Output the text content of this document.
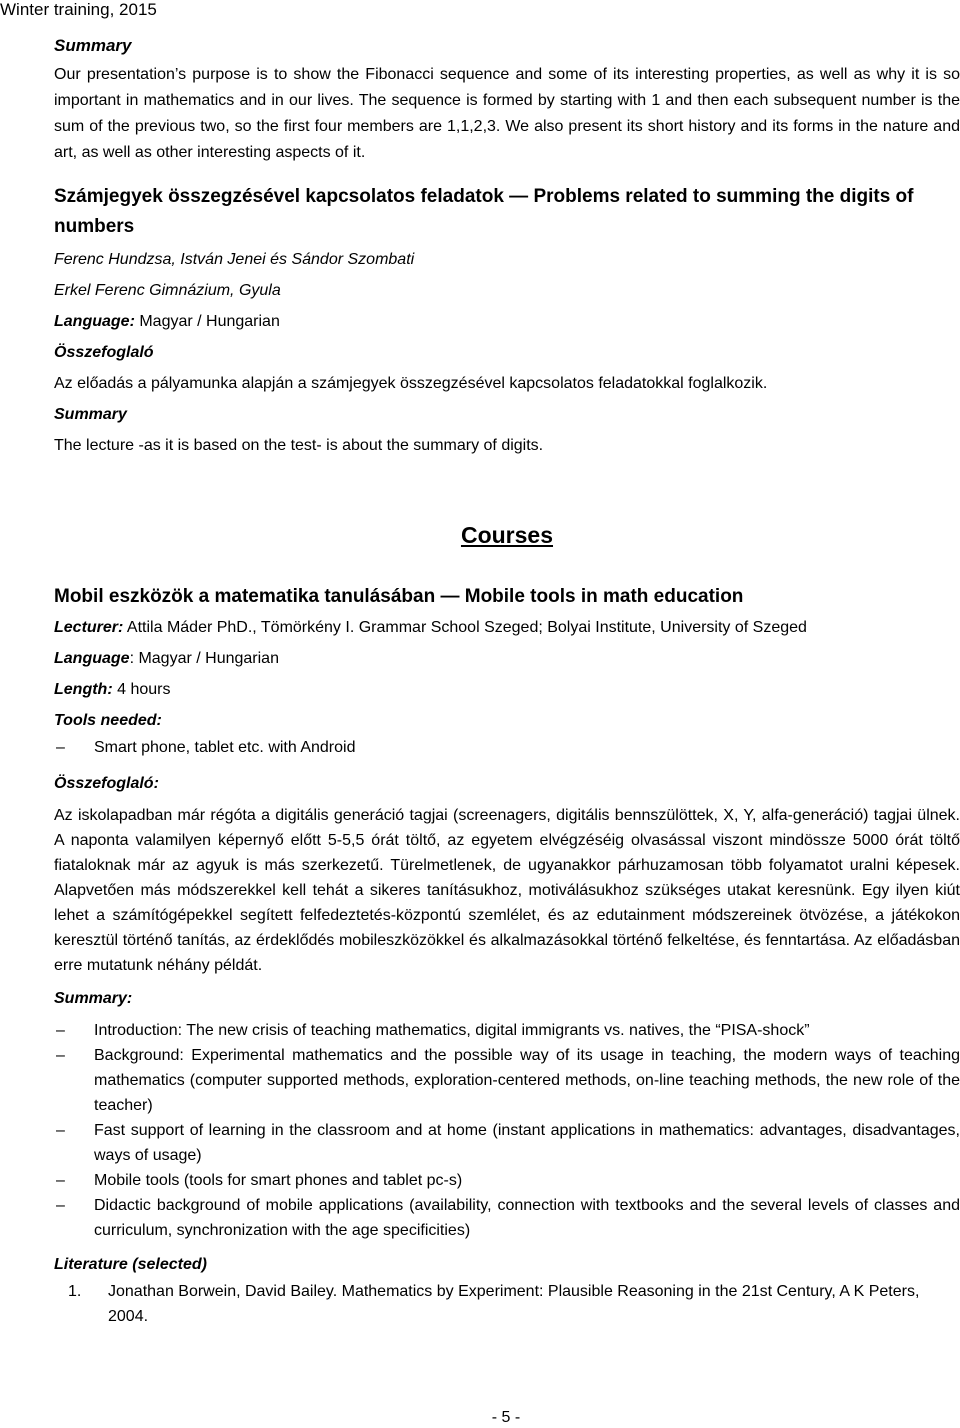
Winter training, 2015

Summary

Our presentation’s purpose is to show the Fibonacci sequence and some of its interesting properties, as well as why it is so important in mathematics and in our lives. The sequence is formed by starting with 1 and then each subsequent number is the sum of the previous two, so the first four members are 1,1,2,3. We also present its short history and its forms in the nature and art, as well as other interesting aspects of it.

Számjegyek összegzésével kapcsolatos feladatok — Problems related to summing the digits of numbers

Ferenc Hundzsa, István Jenei és Sándor Szombati

Erkel Ferenc Gimnázium, Gyula

Language: Magyar / Hungarian

Összefoglaló

Az előadás a pályamunka alapján a számjegyek összegzésével kapcsolatos feladatokkal foglalkozik.

Summary

The lecture -as it is based on the test- is about the summary of digits.

Courses

Mobil eszközök a matematika tanulásában — Mobile tools in math education

Lecturer: Attila Máder PhD., Tömörkény I. Grammar School Szeged; Bolyai Institute, University of Szeged

Language: Magyar / Hungarian

Length: 4 hours

Tools needed:

– Smart phone, tablet etc. with Android

Összefoglaló:

Az iskolapadban már régóta a digitális generáció tagjai (screenagers, digitális bennszülöttek, X, Y, alfa-generáció) tagjai ülnek. A naponta valamilyen képernyő előtt 5-5,5 órát töltő, az egyetem elvégzéséig olvasással viszont mindössze 5000 órát töltő fiataloknak már az agyuk is más szerkezetű. Türelmetlenek, de ugyanakkor párhuzamosan több folyamatot uralni képesek. Alapvetően más módszerekkel kell tehát a sikeres tanításukhoz, motiválásukhoz szükséges utakat keresnünk. Egy ilyen kiút lehet a számítógépekkel segített felfedeztetés-központú szemlélet, és az edutainment módszereinek ötvözése, a játékokon keresztül történő tanítás, az érdeklődés mobileszközökkel és alkalmazásokkal történő felkeltése, és fenntartása. Az előadásban erre mutatunk néhány példát.

Summary:

– Introduction: The new crisis of teaching mathematics, digital immigrants vs. natives, the “PISA-shock”
– Background: Experimental mathematics and the possible way of its usage in teaching, the modern ways of teaching mathematics (computer supported methods, exploration-centered methods, on-line teaching methods, the new role of the teacher)
– Fast support of learning in the classroom and at home (instant applications in mathematics: advantages, disadvantages, ways of usage)
– Mobile tools (tools for smart phones and tablet pc-s)
– Didactic background of mobile applications (availability, connection with textbooks and the several levels of classes and curriculum, synchronization with the age specificities)

Literature (selected)

1. Jonathan Borwein, David Bailey. Mathematics by Experiment: Plausible Reasoning in the 21st Century, A K Peters, 2004.
- 5 -
